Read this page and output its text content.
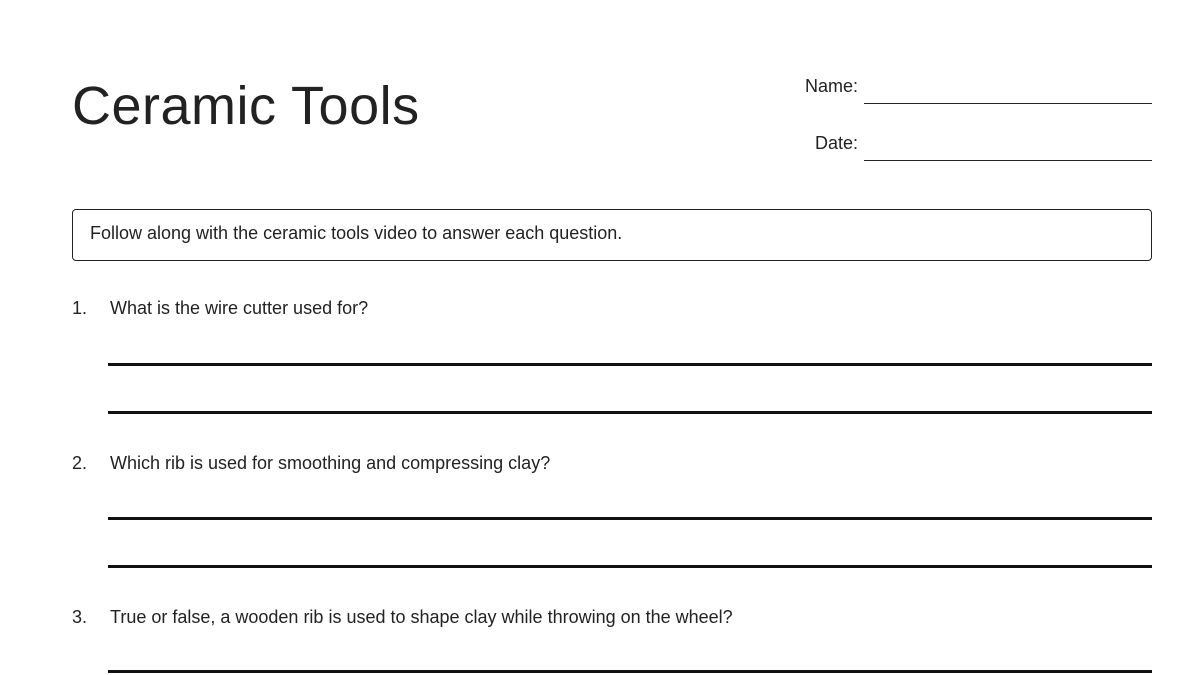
Ceramic Tools	Name:
Date:
Follow along with the ceramic tools video to answer each question.
1. What is the wire cutter used for?
2. Which rib is used for smoothing and compressing clay?
3. True or false, a wooden rib is used to shape clay while throwing on the wheel?
